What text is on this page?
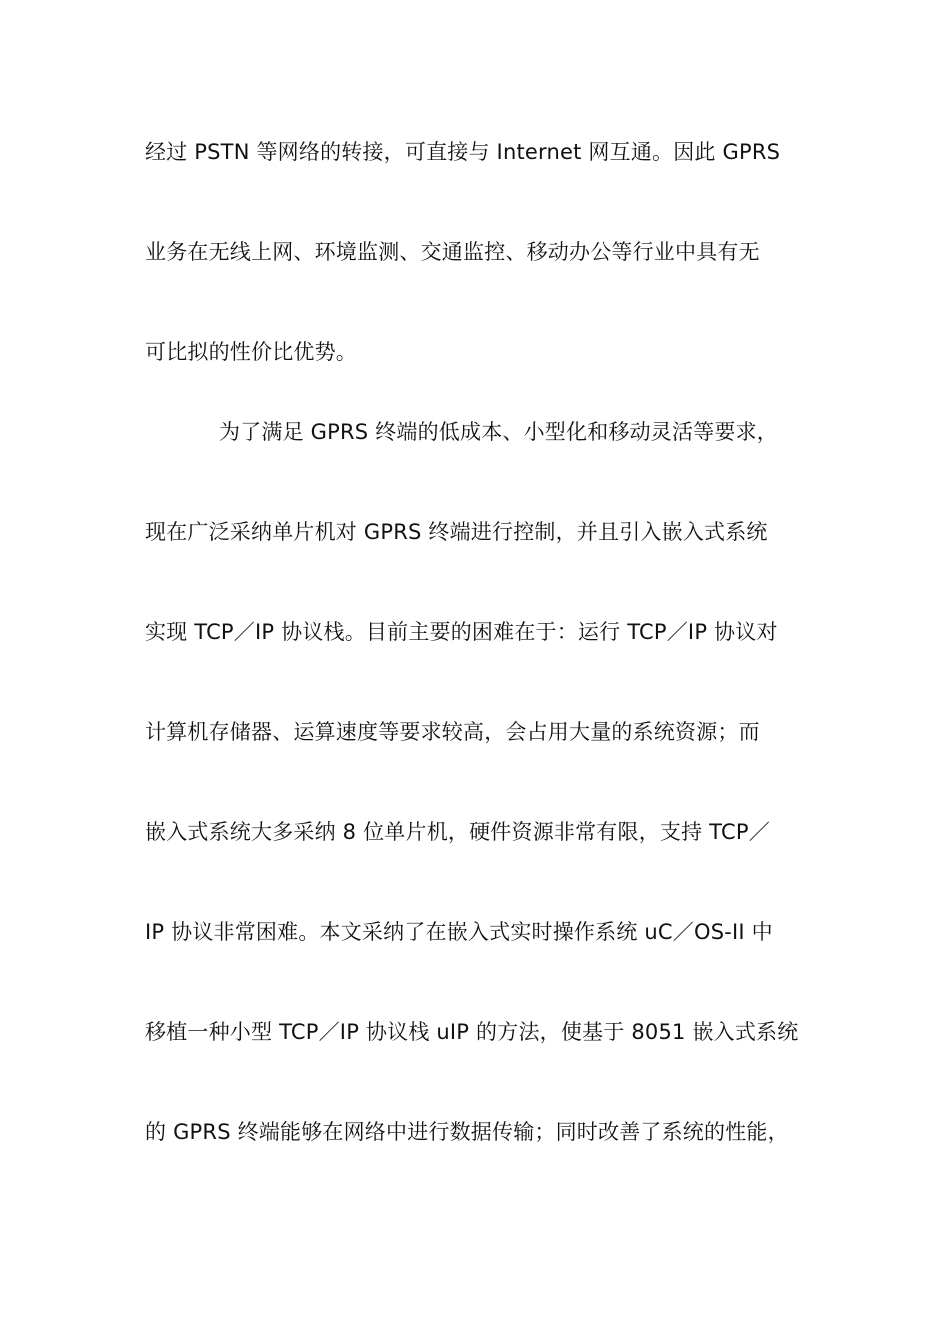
经过 PSTN 等网络的转接，可直接与 Internet 网互通。因此 GPRS
业务在无线上网、环境监测、交通监控、移动办公等行业中具有无
可比拟的性价比优势。
为了满足 GPRS 终端的低成本、小型化和移动灵活等要求，
现在广泛采纳单片机对 GPRS 终端进行控制，并且引入嵌入式系统
实现 TCP／IP 协议栈。目前主要的困难在于：运行 TCP／IP 协议对
计算机存储器、运算速度等要求较高，会占用大量的系统资源；而
嵌入式系统大多采纳 8 位单片机，硬件资源非常有限，支持 TCP／
IP 协议非常困难。本文采纳了在嵌入式实时操作系统 uC／OS-II 中
移植一种小型 TCP／IP 协议栈 uIP 的方法，使基于 8051 嵌入式系统
的 GPRS 终端能够在网络中进行数据传输；同时改善了系统的性能，
